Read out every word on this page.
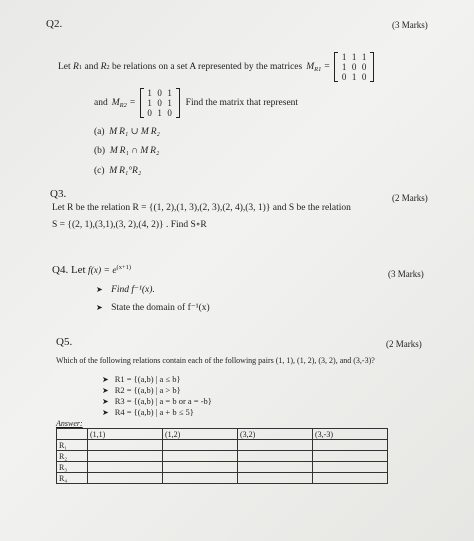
Q2.	(3 Marks)
Let R 1 and R 2
be relations on a set A represented by the matrices $M_{R1}$ =
1 1 1
1 0 0
0 1 0
and $M_{R2}$ =
1 0 1
1 0 1
0 1 0
Find the matrix that represent
(a) M R₁ ∪ M R₂
(b) M R₁ ∩ M R₂
(c) M R₁°R₂
Q3.	(2 Marks)
Let R be the relation R = {(1, 2),(1, 3),(2, 3),(2, 4),(3, 1)} and S be the relation
S = {(2, 1),(3,1),(3, 2),(4, 2)} . Find S∘R
Q4. Let $f(x) = e^{(x+1)}$
(3 Marks)
➤ Find f⁻¹(x).
➤ State the domain of f⁻¹(x)
Q5.	(2 Marks)
Which of the following relations contain each of the following pairs (1, 1), (1, 2), (3, 2), and (3,-3)?
➤ R1 = {(a,b) | a ≤ b}
➤ R2 = {(a,b) | a > b}
➤ R3 = {(a,b) | a = b or a = -b}
➤ R4 = {(a,b) | a + b ≤ 5}
Answer:
	(1,1)	(1,2)	(3,2)	(3,-3)
R₁				
R₂				
R₃				
R₄				
